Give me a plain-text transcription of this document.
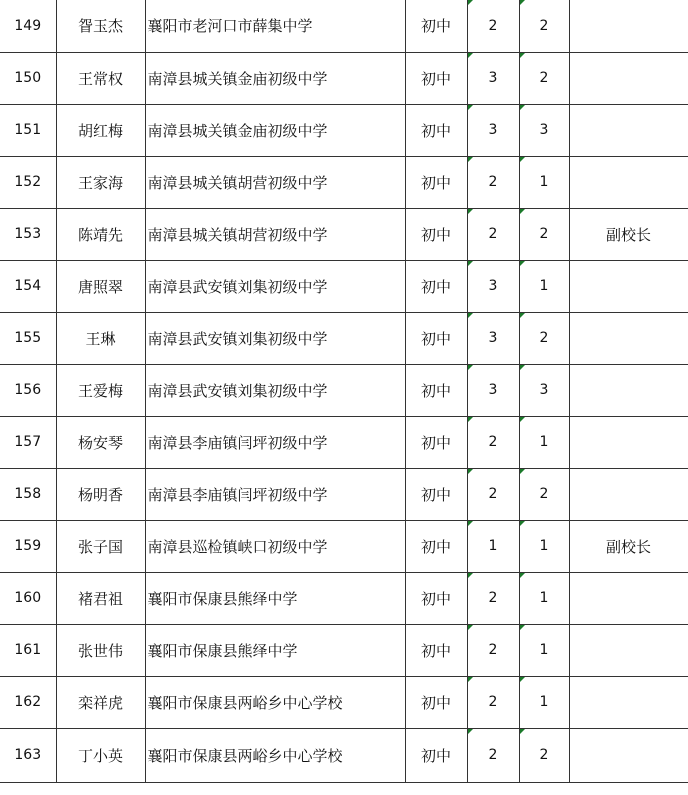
149	眢玉杰	襄阳市老河口市薛集中学	初中	2	2	
150	王常权	南漳县城关镇金庙初级中学	初中	3	2	
151	胡红梅	南漳县城关镇金庙初级中学	初中	3	3	
152	王家海	南漳县城关镇胡营初级中学	初中	2	1	
153	陈靖先	南漳县城关镇胡营初级中学	初中	2	2	副校长
154	唐照翠	南漳县武安镇刘集初级中学	初中	3	1	
155	王琳	南漳县武安镇刘集初级中学	初中	3	2	
156	王爱梅	南漳县武安镇刘集初级中学	初中	3	3	
157	杨安琴	南漳县李庙镇闫坪初级中学	初中	2	1	
158	杨明香	南漳县李庙镇闫坪初级中学	初中	2	2	
159	张子国	南漳县巡检镇峡口初级中学	初中	1	1	副校长
160	褚君祖	襄阳市保康县熊绎中学	初中	2	1	
161	张世伟	襄阳市保康县熊绎中学	初中	2	1	
162	栾祥虎	襄阳市保康县两峪乡中心学校	初中	2	1	
163	丁小英	襄阳市保康县两峪乡中心学校	初中	2	2	
